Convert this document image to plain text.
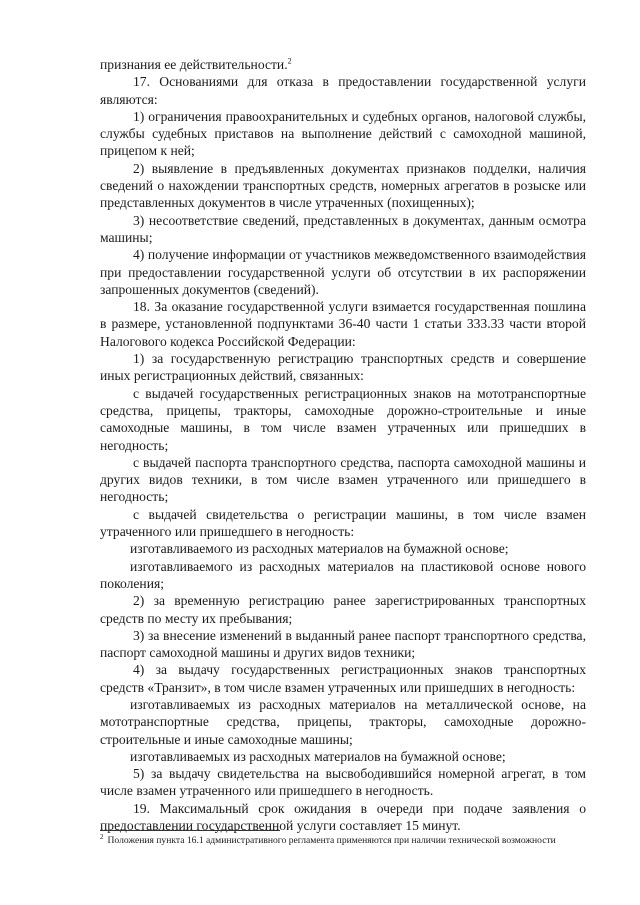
признания ее действительности.$^2$

17. Основаниями для отказа в предоставлении государственной услуги являются:

1) ограничения правоохранительных и судебных органов, налоговой службы, службы судебных приставов на выполнение действий с самоходной машиной, прицепом к ней;

2) выявление в предъявленных документах признаков подделки, наличия сведений о нахождении транспортных средств, номерных агрегатов в розыске или представленных документов в числе утраченных (похищенных);

3) несоответствие сведений, представленных в документах, данным осмотра машины;

4) получение информации от участников межведомственного взаимодействия при предоставлении государственной услуги об отсутствии в их распоряжении запрошенных документов (сведений).

18. За оказание государственной услуги взимается государственная пошлина в размере, установленной подпунктами 36-40 части 1 статьи 333.33 части второй Налогового кодекса Российской Федерации:

1) за государственную регистрацию транспортных средств и совершение иных регистрационных действий, связанных:

с выдачей государственных регистрационных знаков на мототранспортные средства, прицепы, тракторы, самоходные дорожно-строительные и иные самоходные машины, в том числе взамен утраченных или пришедших в негодность;

с выдачей паспорта транспортного средства, паспорта самоходной машины и других видов техники, в том числе взамен утраченного или пришедшего в негодность;

с выдачей свидетельства о регистрации машины, в том числе взамен утраченного или пришедшего в негодность:

изготавливаемого из расходных материалов на бумажной основе;

изготавливаемого из расходных материалов на пластиковой основе нового поколения;

2) за временную регистрацию ранее зарегистрированных транспортных средств по месту их пребывания;

3) за внесение изменений в выданный ранее паспорт транспортного средства, паспорт самоходной машины и других видов техники;

4) за выдачу государственных регистрационных знаков транспортных средств «Транзит», в том числе взамен утраченных или пришедших в негодность:

изготавливаемых из расходных материалов на металлической основе, на мототранспортные средства, прицепы, тракторы, самоходные дорожно-строительные и иные самоходные машины;

изготавливаемых из расходных материалов на бумажной основе;

5) за выдачу свидетельства на высвободившийся номерной агрегат, в том числе взамен утраченного или пришедшего в негодность.

19. Максимальный срок ожидания в очереди при подаче заявления о предоставлении государственной услуги составляет 15 минут.

$^2$ Положения пункта 16.1 административного регламента применяются при наличии технической возможности
